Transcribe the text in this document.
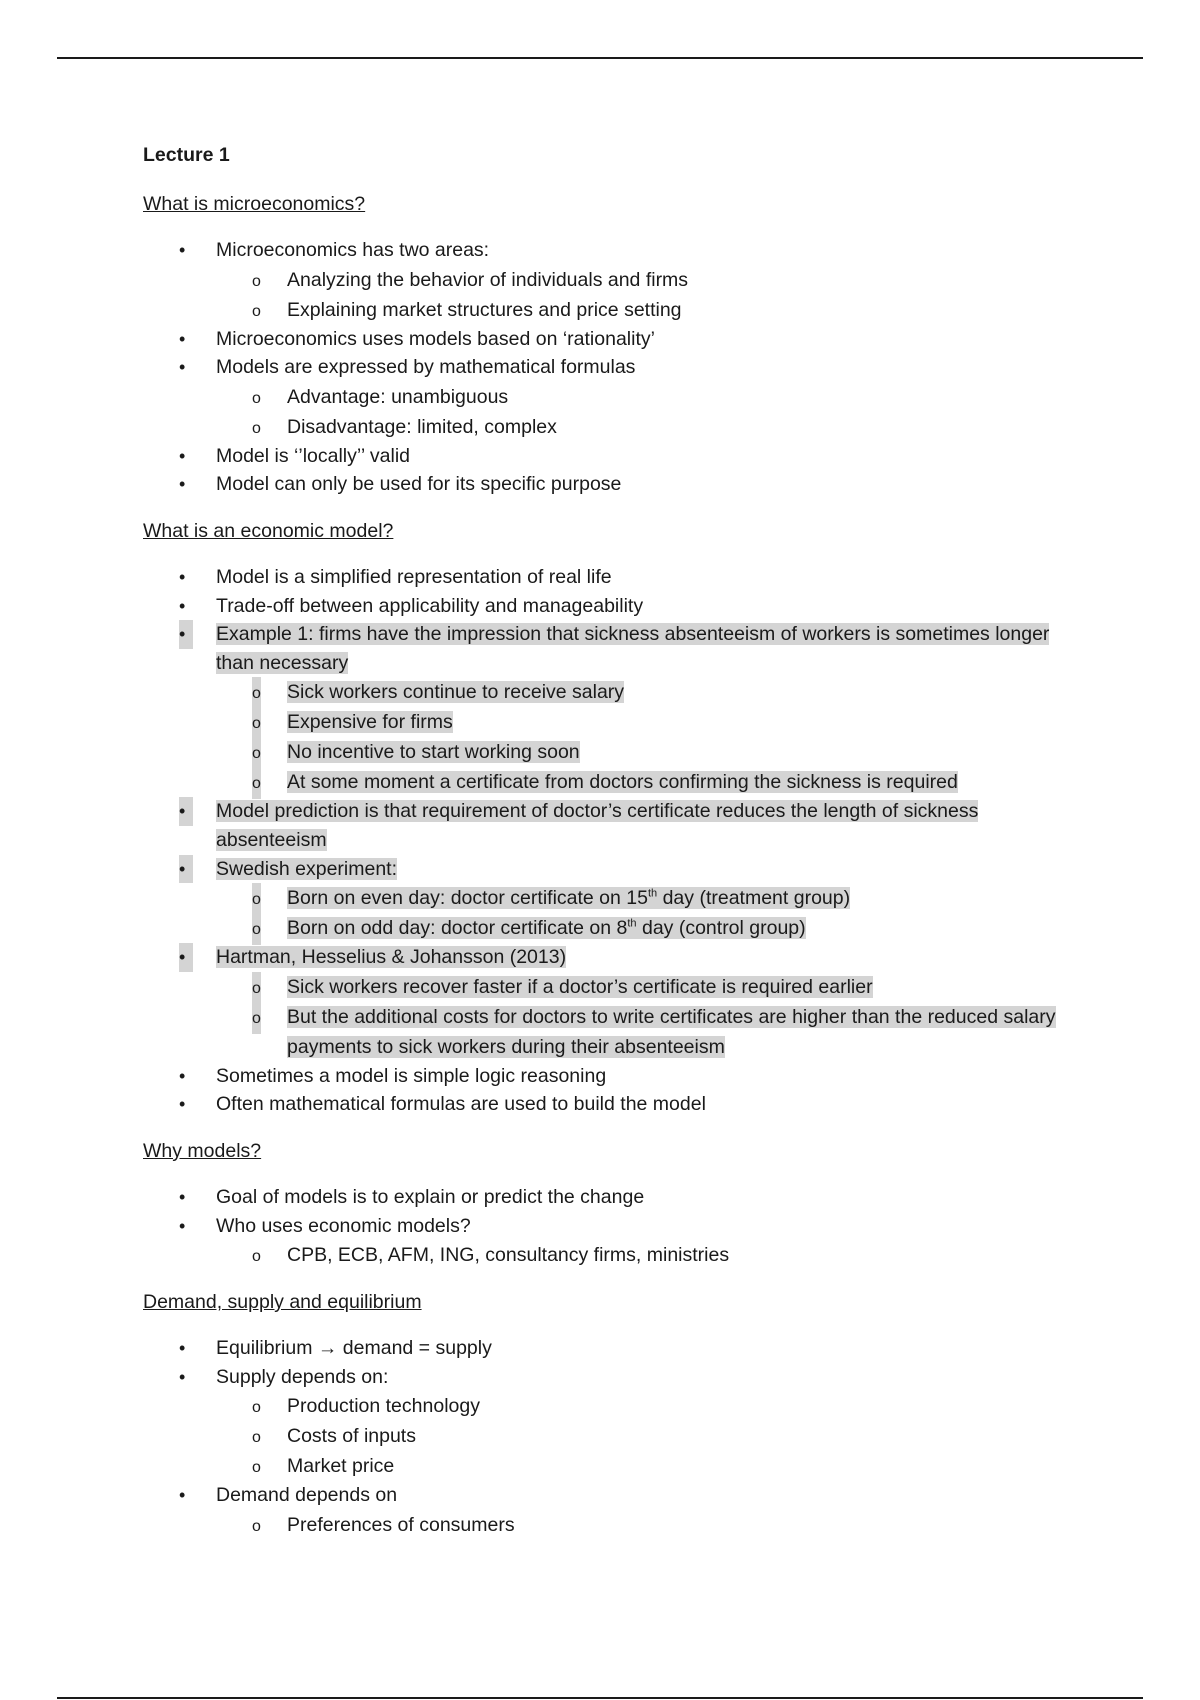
Lecture 1
What is microeconomics?
•
Microeconomics has two areas:
o
Analyzing the behavior of individuals and firms
o
Explaining market structures and price setting
•
Microeconomics uses models based on ‘rationality’
•
Models are expressed by mathematical formulas
o
Advantage: unambiguous
o
Disadvantage: limited, complex
•
Model is ‘’locally’’ valid
•
Model can only be used for its specific purpose
What is an economic model?
•
Model is a simplified representation of real life
•
Trade-off between applicability and manageability
•
Example 1: firms have the impression that sickness absenteeism of workers is sometimes longer than necessary
o
Sick workers continue to receive salary
o
Expensive for firms
o
No incentive to start working soon
o
At some moment a certificate from doctors confirming the sickness is required
•
Model prediction is that requirement of doctor’s certificate reduces the length of sickness absenteeism
•
Swedish experiment:
o
Born on even day: doctor certificate on 15th day (treatment group)
o
Born on odd day: doctor certificate on 8th day (control group)
•
Hartman, Hesselius & Johansson (2013)
o
Sick workers recover faster if a doctor’s certificate is required earlier
o
But the additional costs for doctors to write certificates are higher than the reduced salary payments to sick workers during their absenteeism
•
Sometimes a model is simple logic reasoning
•
Often mathematical formulas are used to build the model
Why models?
•
Goal of models is to explain or predict the change
•
Who uses economic models?
o
CPB, ECB, AFM, ING, consultancy firms, ministries
Demand, supply and equilibrium
•
Equilibrium → demand = supply
•
Supply depends on:
o
Production technology
o
Costs of inputs
o
Market price
•
Demand depends on
o
Preferences of consumers
